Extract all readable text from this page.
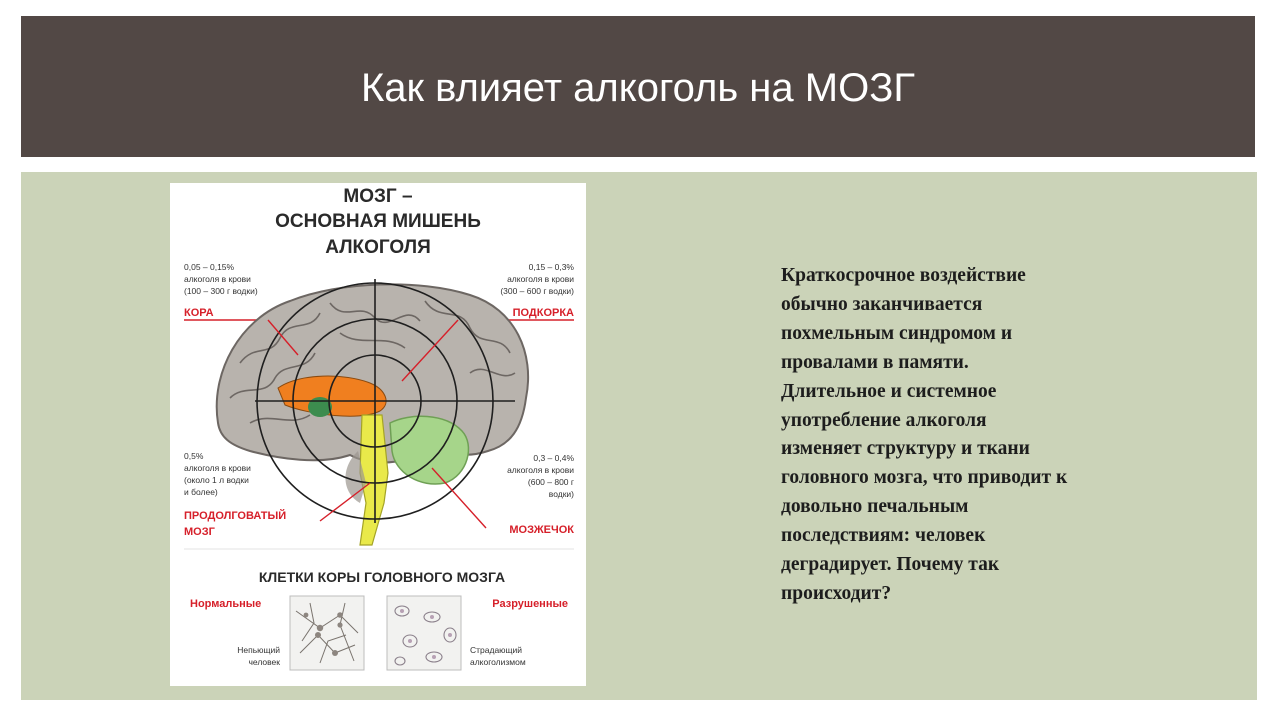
Как влияет алкоголь на МОЗГ
МОЗГ –
ОСНОВНАЯ МИШЕНЬ
АЛКОГОЛЯ
0,05 – 0,15%
алкоголя в крови
(100 – 300 г водки)
КОРА
0,15 – 0,3%
алкоголя в крови
(300 – 600 г водки)
ПОДКОРКА
0,5%
алкоголя в крови
(около 1 л водки
и более)
ПРОДОЛГОВАТЫЙ
МОЗГ
0,3 – 0,4%
алкоголя в крови
(600 – 800 г
водки)
МОЗЖЕЧОК
КЛЕТКИ КОРЫ ГОЛОВНОГО МОЗГА
Нормальные	Разрушенные
Непьющий
человек
Страдающий
алкоголизмом
Краткосрочное воздействие
обычно заканчивается
похмельным синдромом и
провалами в памяти.
Длительное и системное
употребление алкоголя
изменяет структуру и ткани
головного мозга, что приводит к
довольно печальным
последствиям: человек
деградирует. Почему так
происходит?
